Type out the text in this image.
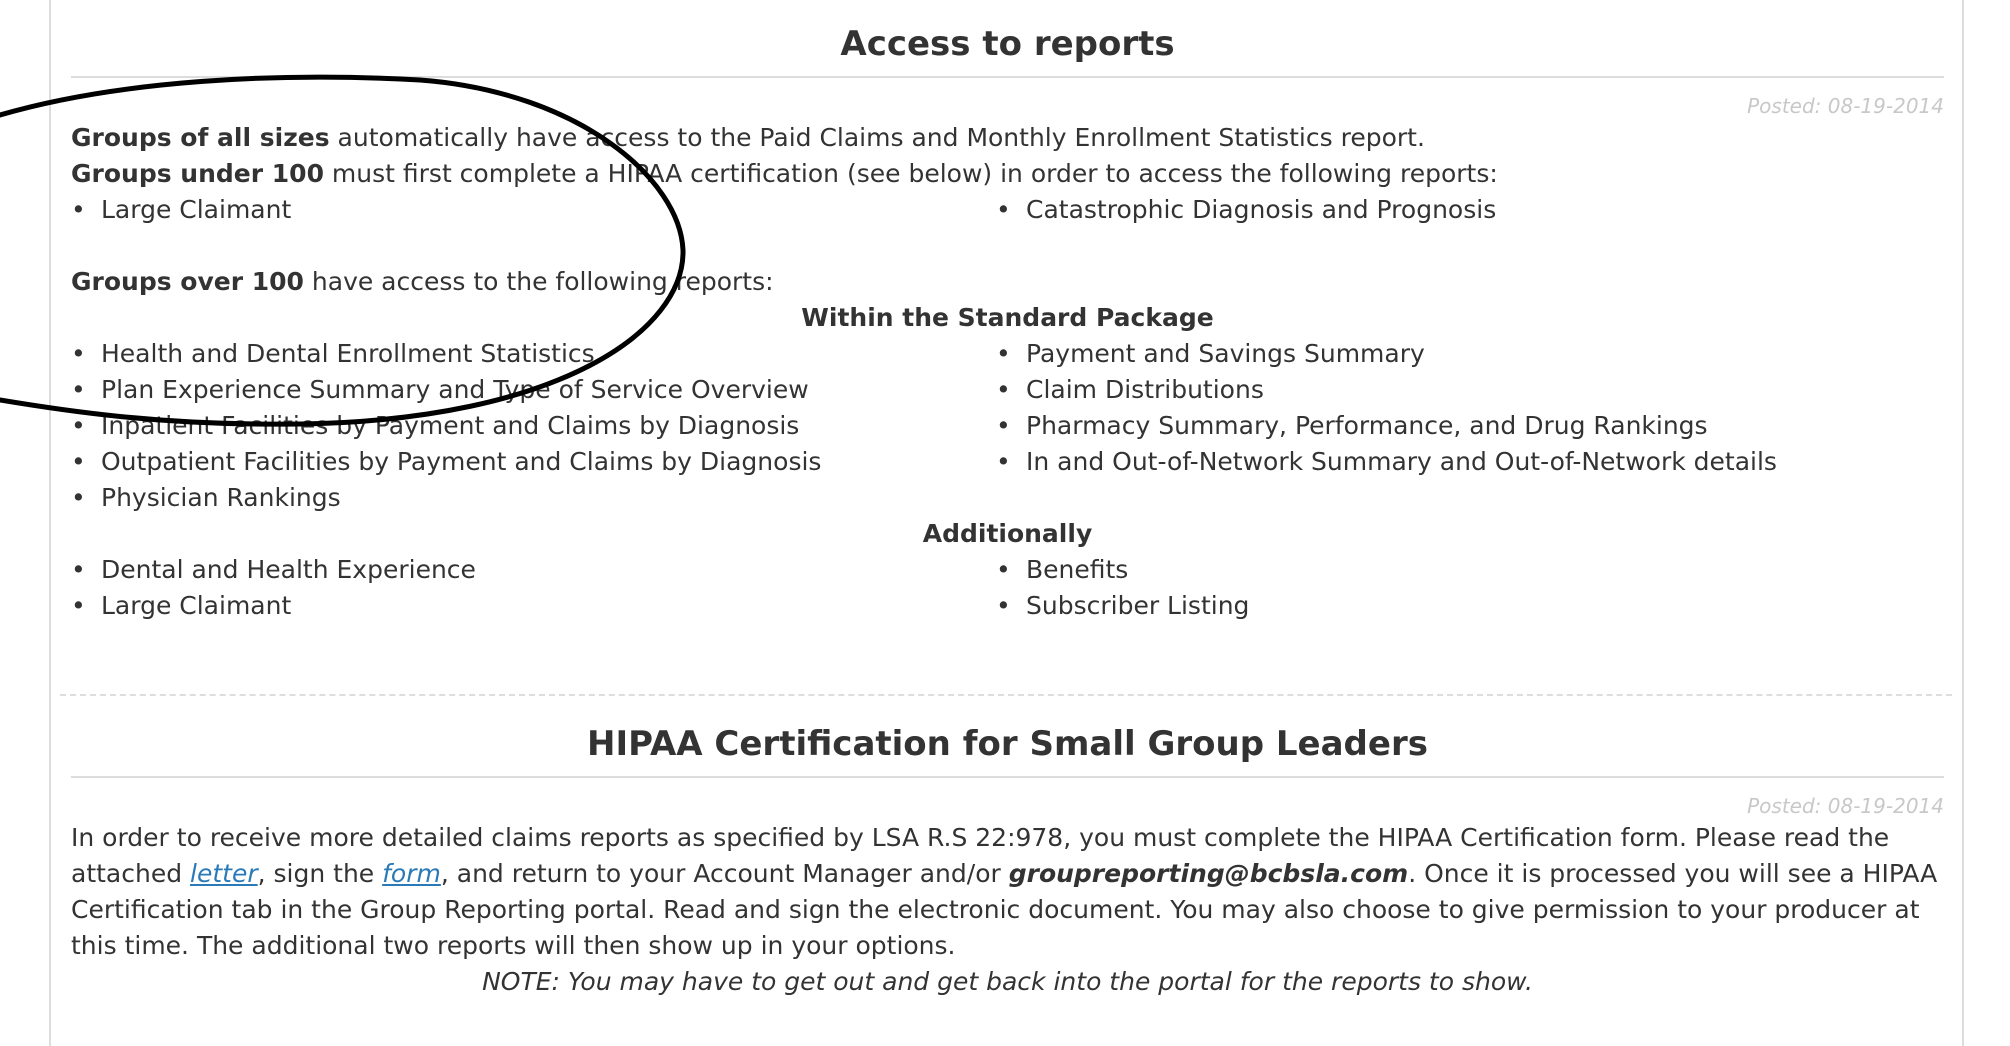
Access to reports
Posted: 08-19-2014

Groups of all sizes automatically have access to the Paid Claims and Monthly Enrollment Statistics report.

Groups under 100 must first complete a HIPAA certification (see below) in order to access the following reports:

• Large Claimant
•	Catastrophic Diagnosis and Prognosis

Groups over 100 have access to the following reports:

Within the Standard Package
• Health and Dental Enrollment Statistics
• Plan Experience Summary and Type of Service Overview
• Inpatient Facilities by Payment and Claims by Diagnosis
• Outpatient Facilities by Payment and Claims by Diagnosis
• Physician Rankings
• Payment and Savings Summary
• Claim Distributions
• Pharmacy Summary, Performance, and Drug Rankings
• In and Out-of-Network Summary and Out-of-Network details
Additionally
• Dental and Health Experience
• Large Claimant
• Benefits
• Subscriber Listing
HIPAA Certification for Small Group Leaders
Posted: 08-19-2014

In order to receive more detailed claims reports as specified by LSA R.S 22:978, you must complete the HIPAA Certification form. Please read the attached letter, sign the form, and return to your Account Manager and/or groupreporting@bcbsla.com. Once it is processed you will see a HIPAA Certification tab in the Group Reporting portal. Read and sign the electronic document. You may also choose to give permission to your producer at this time. The additional two reports will then show up in your options.

NOTE: You may have to get out and get back into the portal for the reports to show.
